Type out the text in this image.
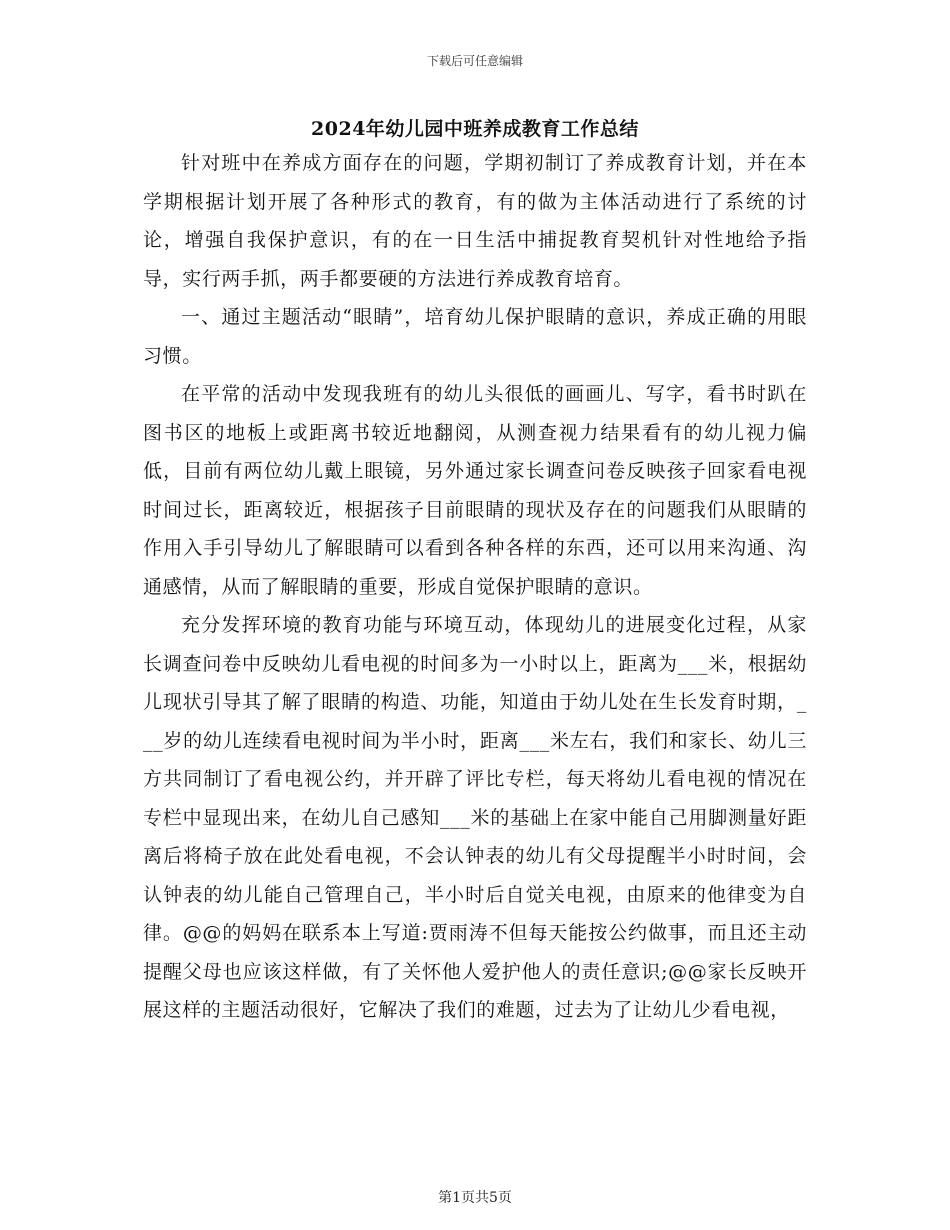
下载后可任意编辑
2024年幼儿园中班养成教育工作总结

针对班中在养成方面存在的问题，学期初制订了养成教育计划，并在本学期根据计划开展了各种形式的教育，有的做为主体活动进行了系统的讨论，增强自我保护意识，有的在一日生活中捕捉教育契机针对性地给予指导，实行两手抓，两手都要硬的方法进行养成教育培育。

一、通过主题活动“眼睛”，培育幼儿保护眼睛的意识，养成正确的用眼习惯。

在平常的活动中发现我班有的幼儿头很低的画画儿、写字，看书时趴在图书区的地板上或距离书较近地翻阅，从测查视力结果看有的幼儿视力偏低，目前有两位幼儿戴上眼镜，另外通过家长调查问卷反映孩子回家看电视时间过长，距离较近，根据孩子目前眼睛的现状及存在的问题我们从眼睛的作用入手引导幼儿了解眼睛可以看到各种各样的东西，还可以用来沟通、沟通感情，从而了解眼睛的重要，形成自觉保护眼睛的意识。

充分发挥环境的教育功能与环境互动，体现幼儿的进展变化过程，从家长调查问卷中反映幼儿看电视的时间多为一小时以上，距离为___米，根据幼儿现状引导其了解了眼睛的构造、功能，知道由于幼儿处在生长发育时期，___岁的幼儿连续看电视时间为半小时，距离___米左右，我们和家长、幼儿三方共同制订了看电视公约，并开辟了评比专栏，每天将幼儿看电视的情况在专栏中显现出来，在幼儿自己感知___米的基础上在家中能自己用脚测量好距离后将椅子放在此处看电视，不会认钟表的幼儿有父母提醒半小时时间，会认钟表的幼儿能自己管理自己，半小时后自觉关电视，由原来的他律变为自律。@@的妈妈在联系本上写道:贾雨涛不但每天能按公约做事，而且还主动提醒父母也应该这样做，有了关怀他人爱护他人的责任意识;@@家长反映开展这样的主题活动很好，它解决了我们的难题，过去为了让幼儿少看电视，

第1页共5页
